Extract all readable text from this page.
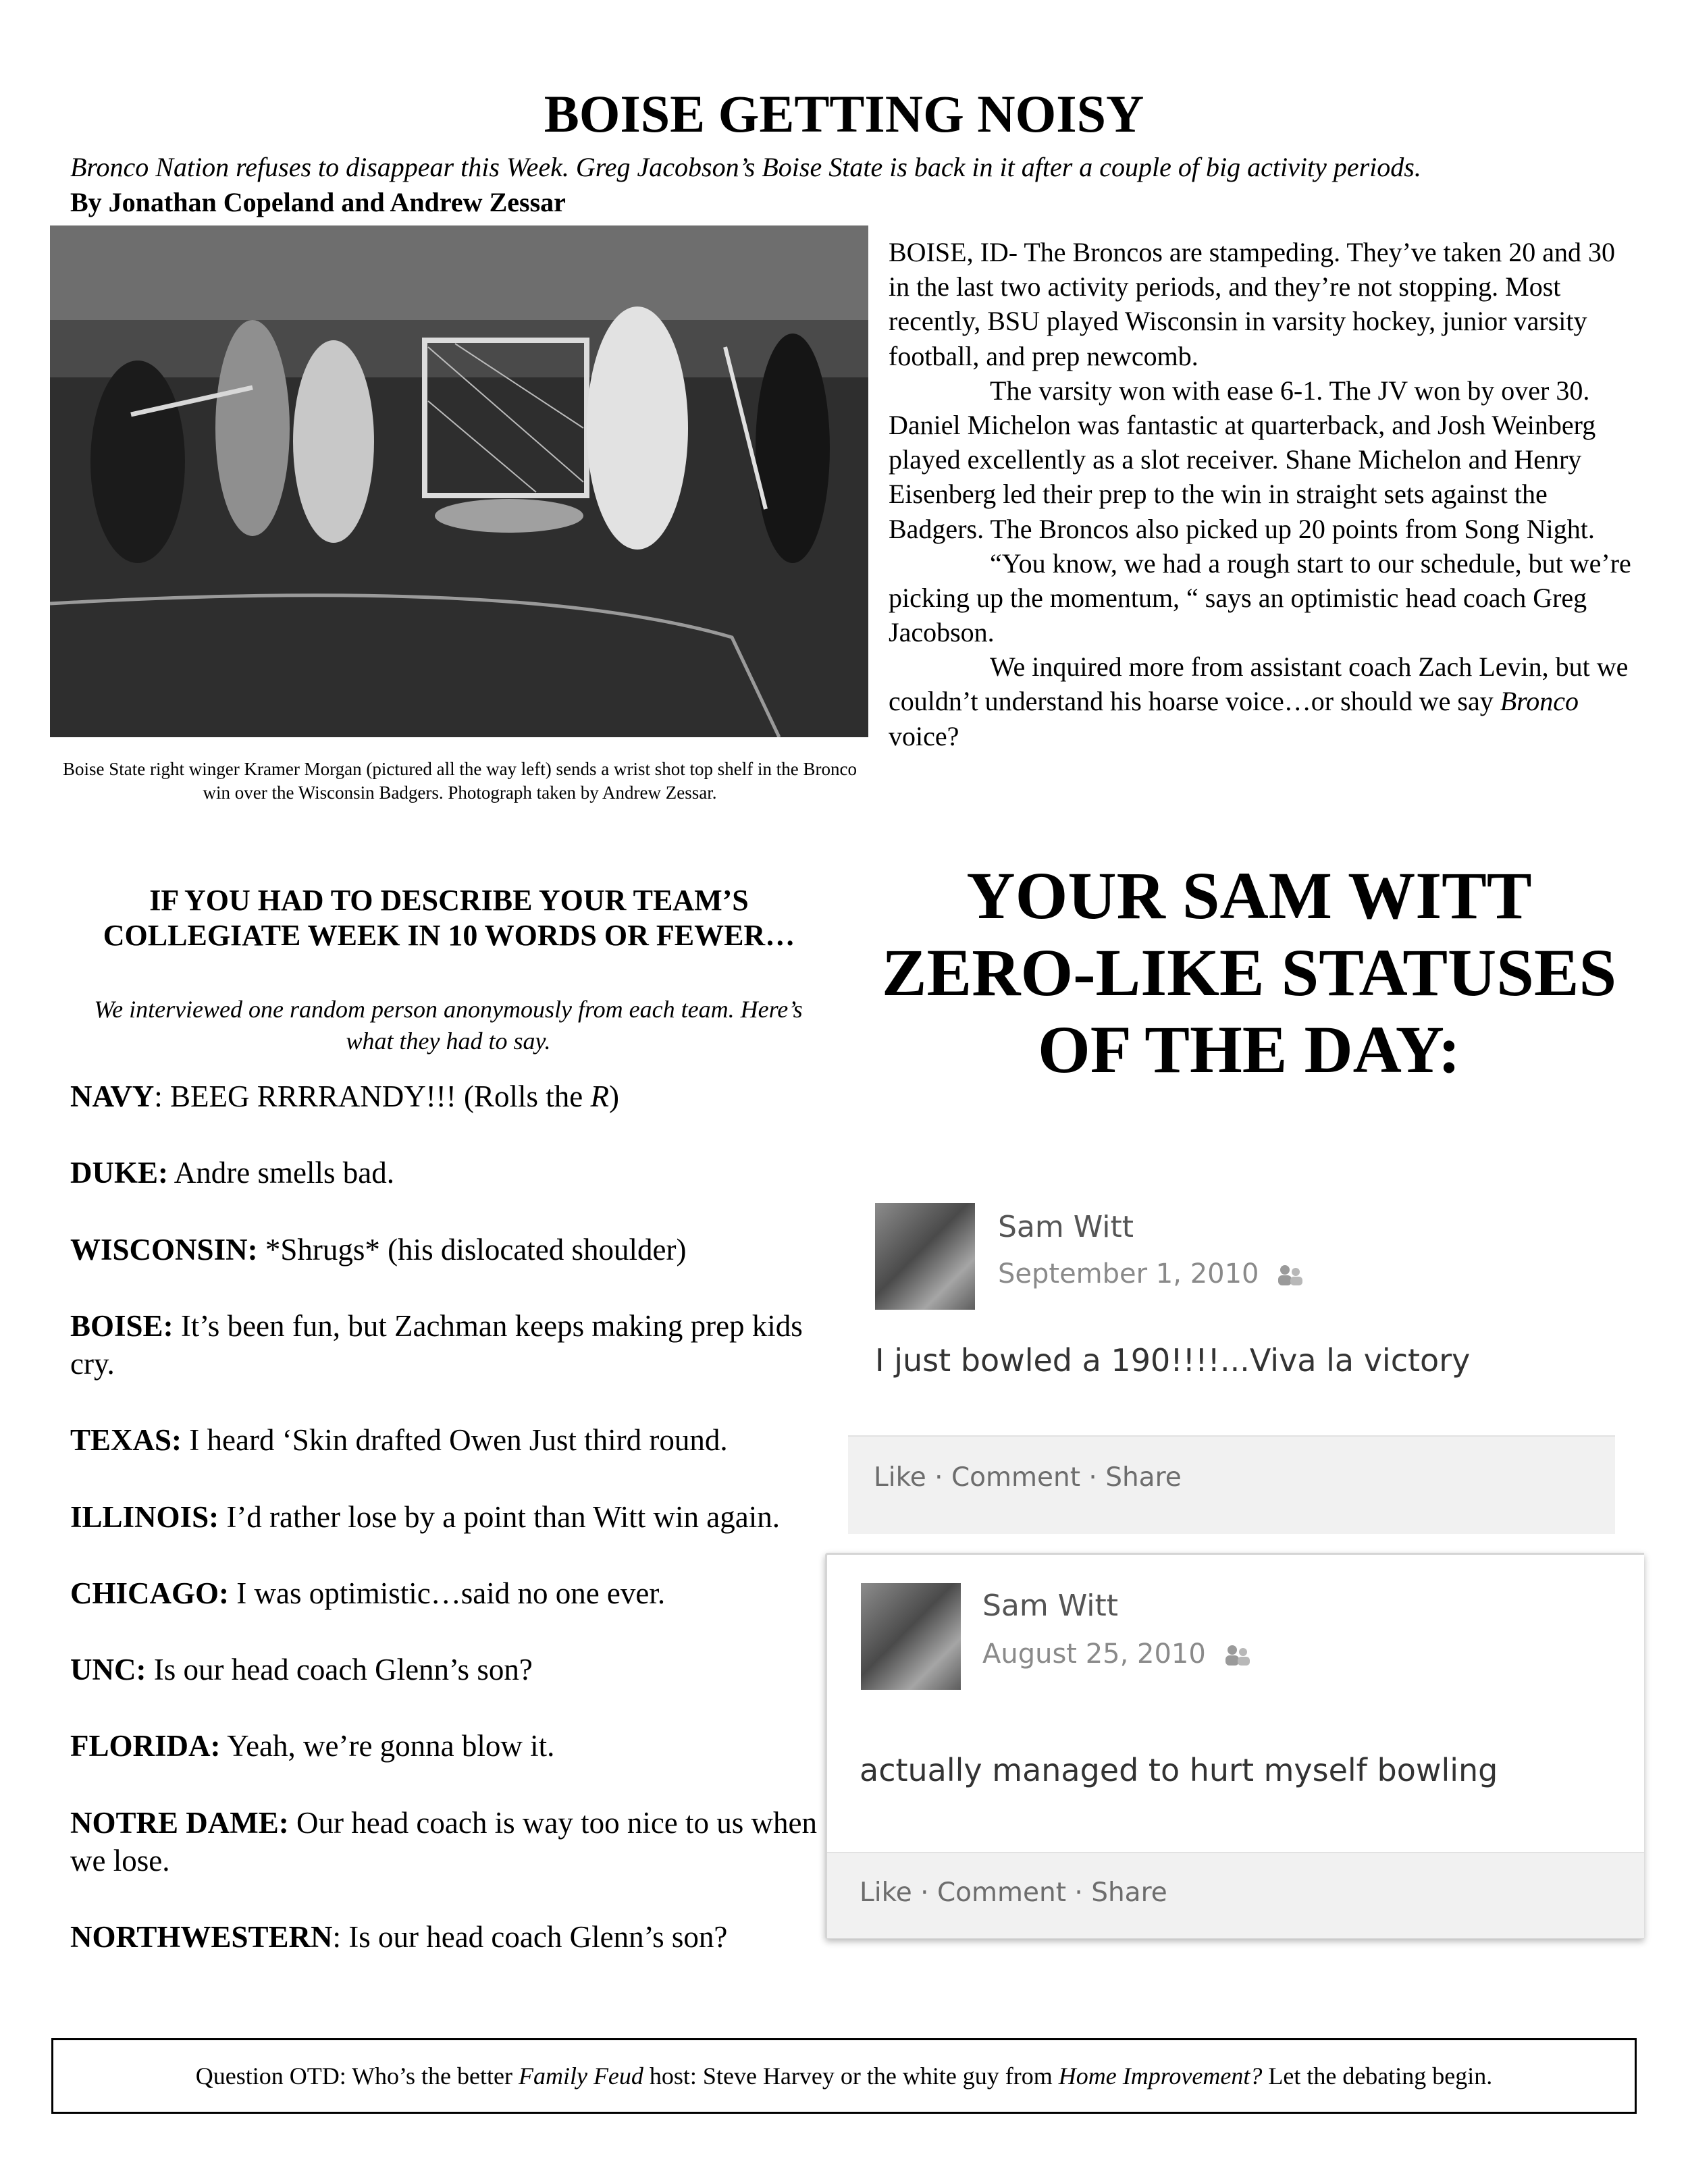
BOISE GETTING NOISY
Bronco Nation refuses to disappear this Week. Greg Jacobson’s Boise State is back in it after a couple of big activity periods.
By Jonathan Copeland and Andrew Zessar
Boise State right winger Kramer Morgan (pictured all the way left) sends a wrist shot top shelf in the Bronco win over the Wisconsin Badgers. Photograph taken by Andrew Zessar.

BOISE, ID- The Broncos are stampeding. They’ve taken 20 and 30 in the last two activity periods, and they’re not stopping. Most recently, BSU played Wisconsin in varsity hockey, junior varsity football, and prep newcomb.

The varsity won with ease 6-1. The JV won by over 30. Daniel Michelon was fantastic at quarterback, and Josh Weinberg played excellently as a slot receiver. Shane Michelon and Henry Eisenberg led their prep to the win in straight sets against the Badgers. The Broncos also picked up 20 points from Song Night.

“You know, we had a rough start to our schedule, but we’re picking up the momentum, “ says an optimistic head coach Greg Jacobson.

We inquired more from assistant coach Zach Levin, but we couldn’t understand his hoarse voice…or should we say Bronco voice?

IF YOU HAD TO DESCRIBE YOUR TEAM’S COLLEGIATE WEEK IN 10 WORDS OR FEWER…
We interviewed one random person anonymously from each team. Here’s what they had to say.
NAVY: BEEG RRRRANDY!!! (Rolls the R)
DUKE: Andre smells bad.
WISCONSIN: *Shrugs* (his dislocated shoulder)
BOISE: It’s been fun, but Zachman keeps making prep kids cry.
TEXAS: I heard ‘Skin drafted Owen Just third round.
ILLINOIS: I’d rather lose by a point than Witt win again.
CHICAGO: I was optimistic…said no one ever.
UNC: Is our head coach Glenn’s son?
FLORIDA: Yeah, we’re gonna blow it.
NOTRE DAME: Our head coach is way too nice to us when we lose.
NORTHWESTERN: Is our head coach Glenn’s son?
YOUR SAM WITT ZERO-LIKE STATUSES OF THE DAY:
Sam Witt
September 1, 2010
I just bowled a 190!!!!...Viva la victory
Like · Comment · Share
Sam Witt
August 25, 2010
actually managed to hurt myself bowling
Like · Comment · Share
Question OTD: Who’s the better Family Feud host: Steve Harvey or the white guy from Home Improvement? Let the debating begin.
